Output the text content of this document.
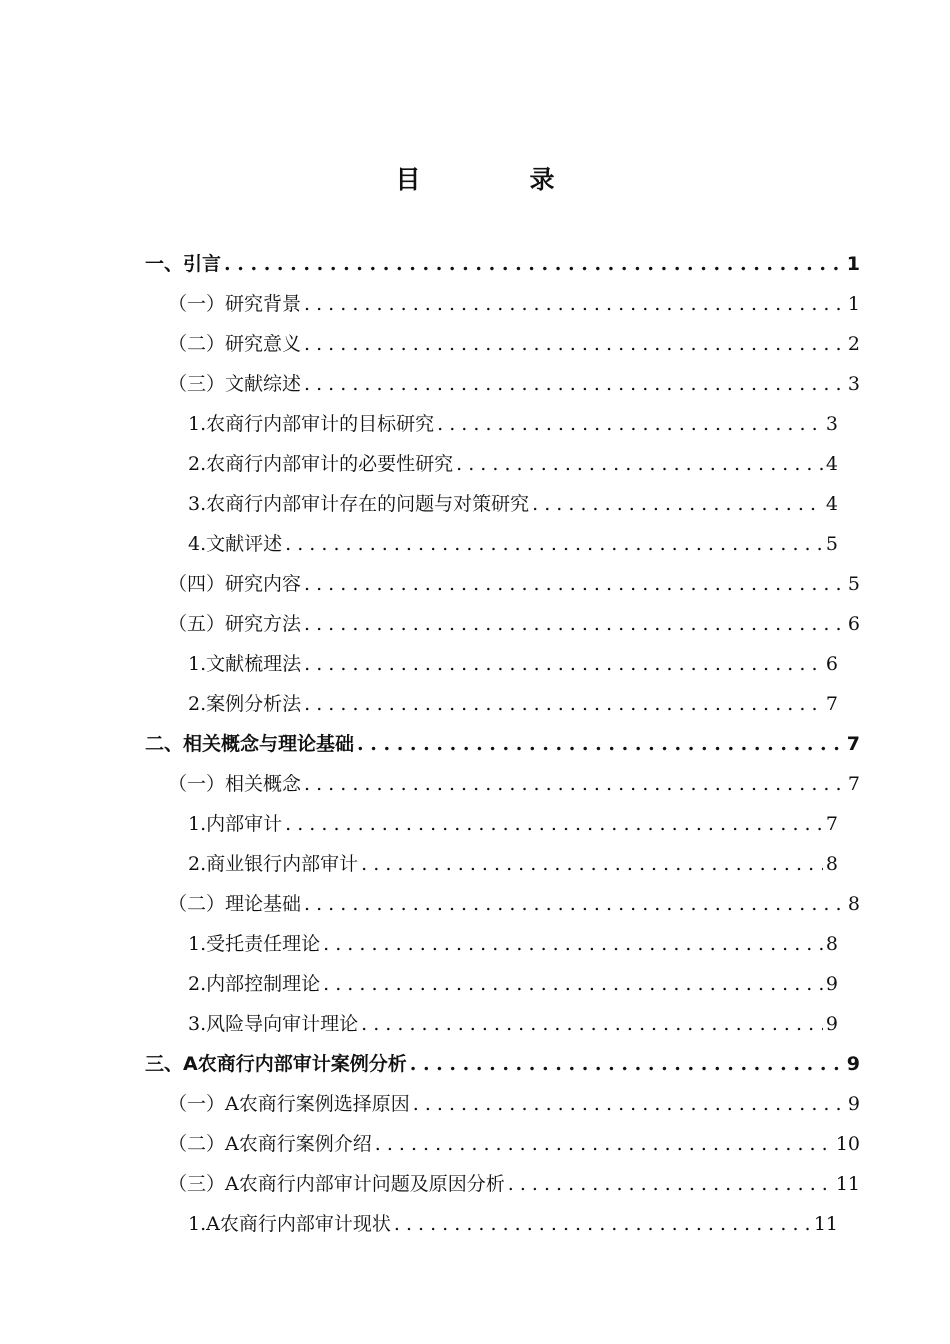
目　录
一、引言 . . .	1
（一）研究背景 . . .	1
（二）研究意义 . . .	2
（三）文献综述 . . .	3
1.农商行内部审计的目标研究 . . .	3
2.农商行内部审计的必要性研究 . . .	4
3.农商行内部审计存在的问题与对策研究 . . .	4
4.文献评述 . . .	5
（四）研究内容 . . .	5
（五）研究方法 . . .	6
1.文献梳理法 . . .	6
2.案例分析法 . . .	7
二、相关概念与理论基础 . . .	7
（一）相关概念 . . .	7
1.内部审计 . . .	7
2.商业银行内部审计 . . .	8
（二）理论基础 . . .	8
1.受托责任理论 . . .	8
2.内部控制理论 . . .	9
3.风险导向审计理论 . . .	9
三、A农商行内部审计案例分析 . . .	9
（一）A农商行案例选择原因 . . .	9
（二）A农商行案例介绍 . . .	10
（三）A农商行内部审计问题及原因分析 . . .	11
1.A农商行内部审计现状 . . .	11
